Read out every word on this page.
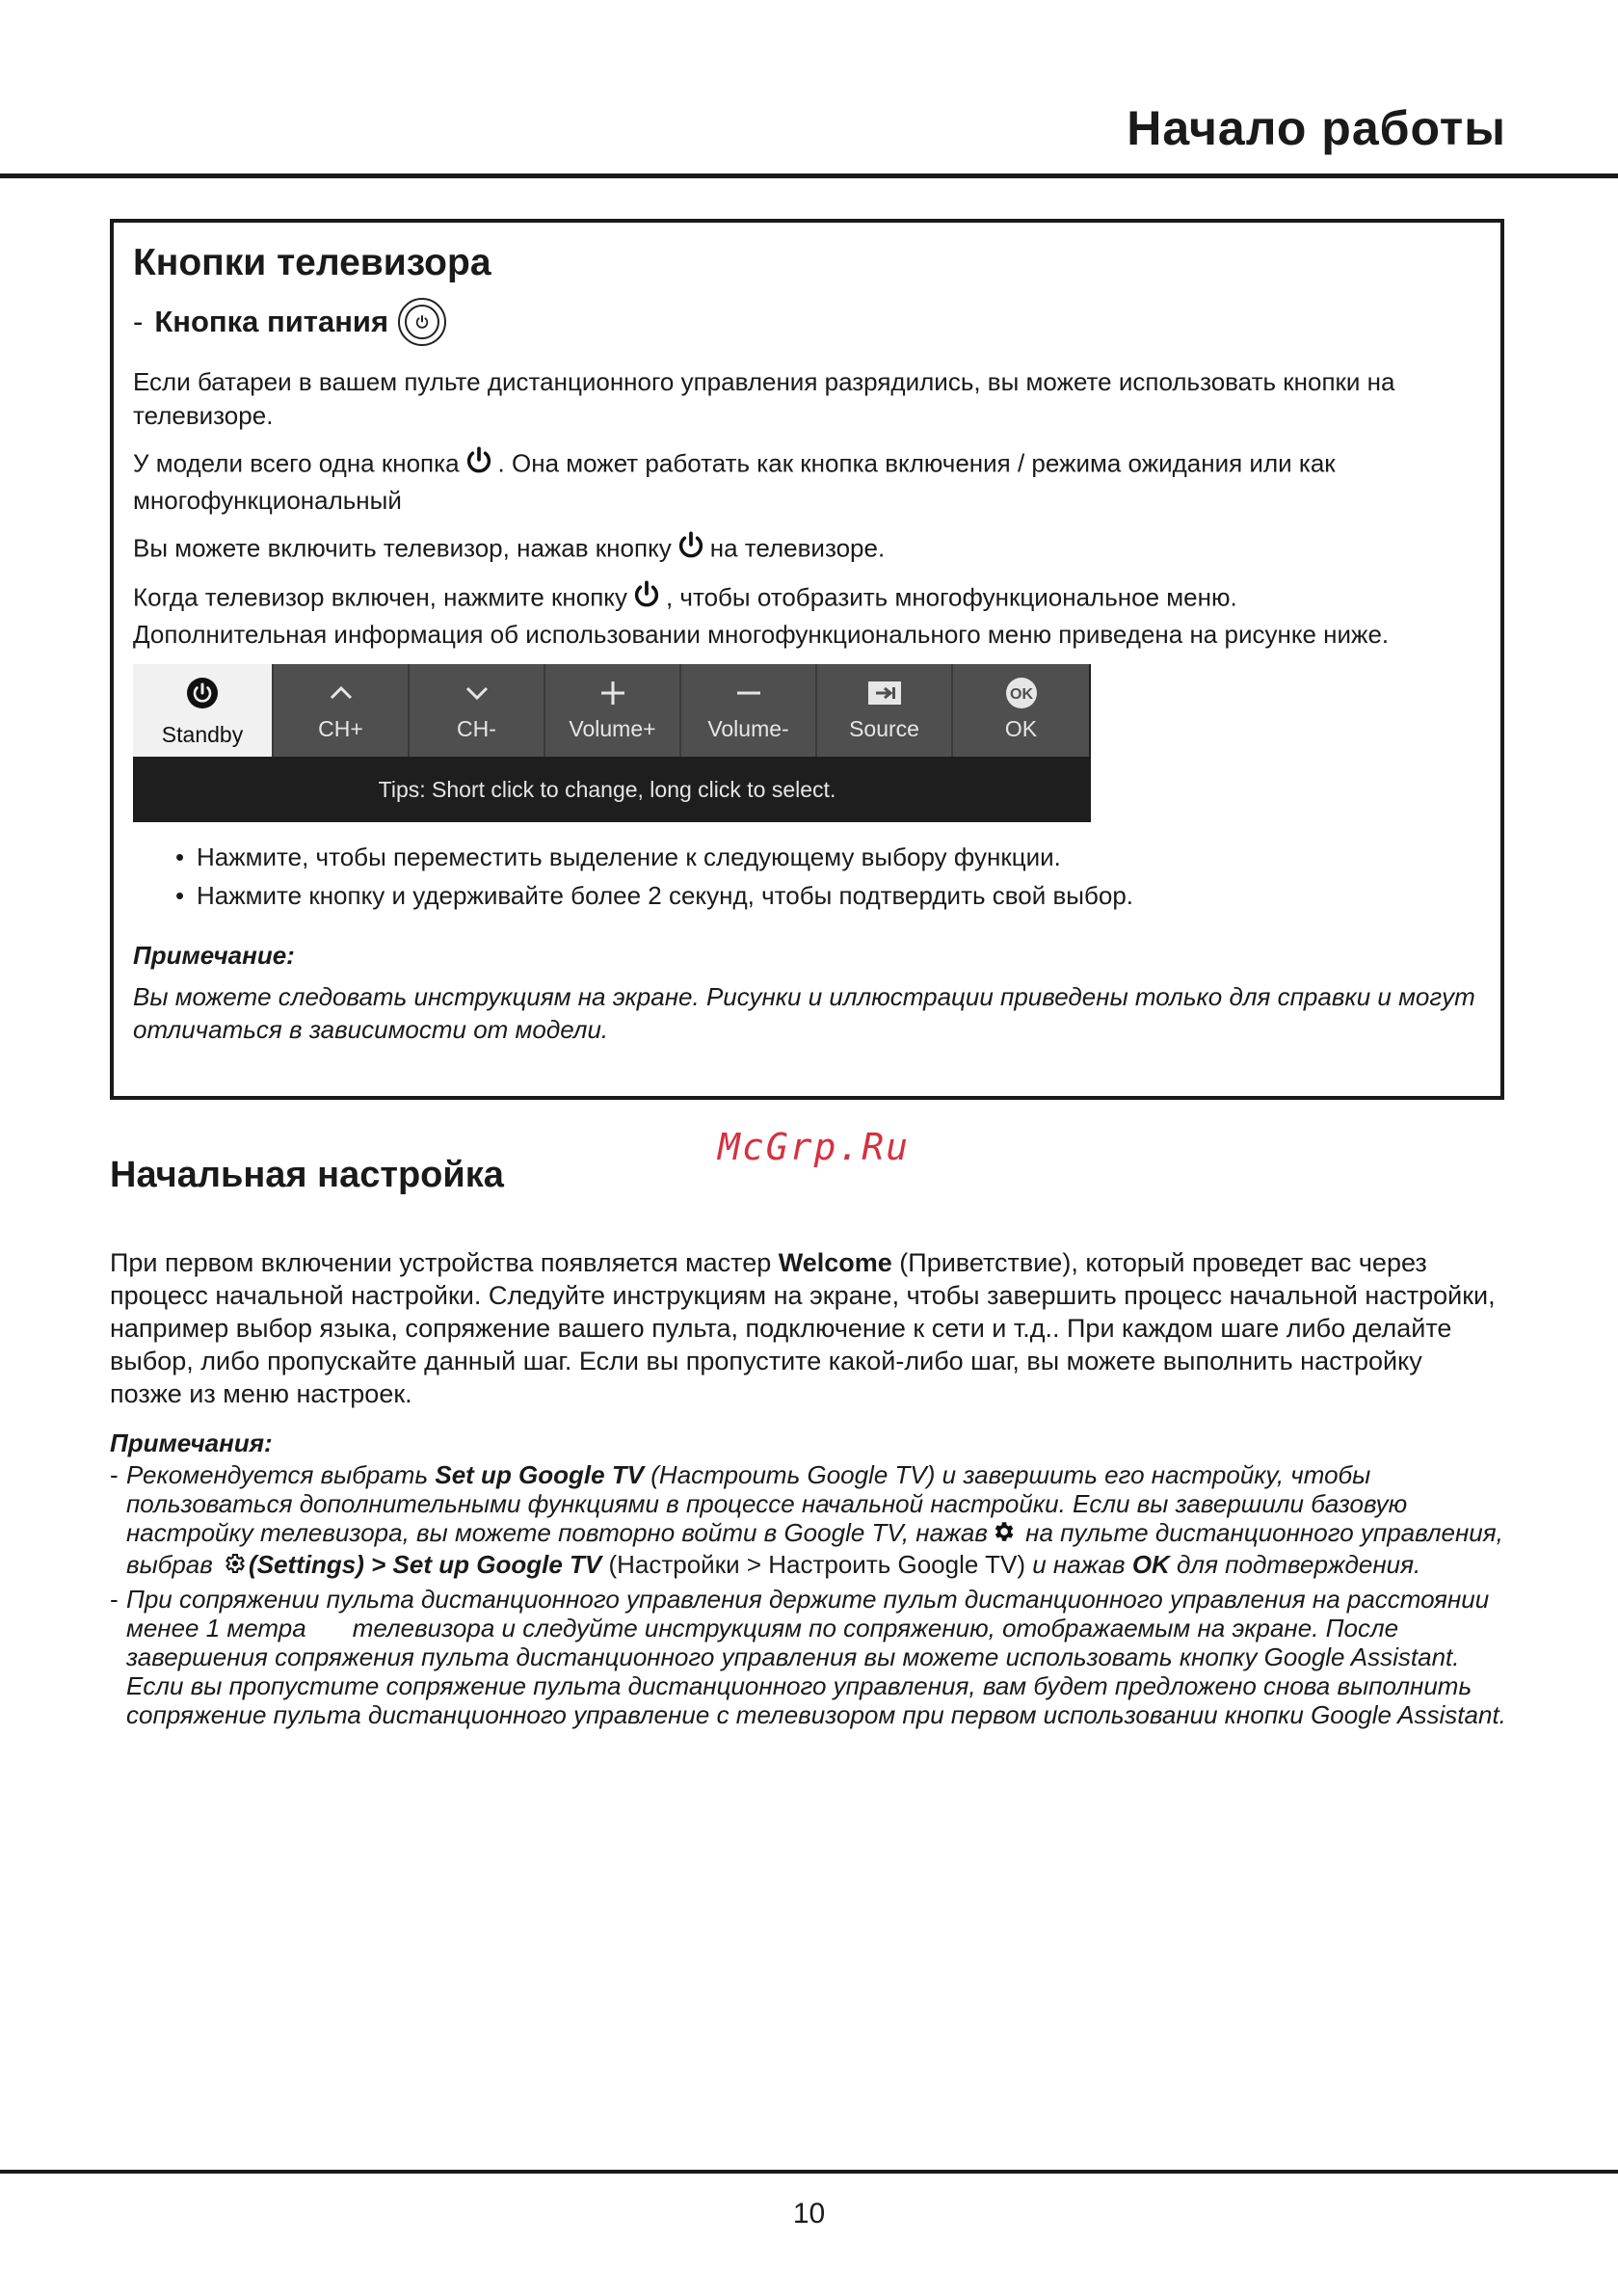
Начало работы
Кнопки телевизора
- Кнопка питания

Если батареи в вашем пульте дистанционного управления разрядились, вы можете использовать кнопки на телевизоре.

У модели всего одна кнопка . Она может работать как кнопка включения / режима ожидания или как многофункциональный

Вы можете включить телевизор, нажав кнопку на телевизоре.

Когда телевизор включен, нажмите кнопку , чтобы отобразить многофункциональное меню.

Дополнительная информация об использовании многофункционального меню приведена на рисунке ниже.

Standby	CH+	CH-	Volume+ Volume-	Source
OK
OK
Tips: Short click to change, long click to select.
• Нажмите, чтобы переместить выделение к следующему выбору функции.
• Нажмите кнопку и удерживайте более 2 секунд, чтобы подтвердить свой выбор.
Примечание:
Вы можете следовать инструкциям на экране. Рисунки и иллюстрации приведены только для справки и могут отличаться в зависимости от модели.
McGrp.Ru
Начальная настройка
При первом включении устройства появляется мастер Welcome (Приветствие), который проведет вас через процесс начальной настройки. Следуйте инструкциям на экране, чтобы завершить процесс начальной настройки, например выбор языка, сопряжение вашего пульта, подключение к сети и т.д.. При каждом шаге либо делайте выбор, либо пропускайте данный шаг. Если вы пропустите какой-либо шаг, вы можете выполнить настройку позже из меню настроек.
Примечания:
- Рекомендуется выбрать Set up Google TV (Настроить Google TV) и завершить его настройку, чтобы пользоваться дополнительными функциями в процессе начальной настройки. Если вы завершили базовую настройку телевизора, вы можете повторно войти в Google TV, нажав на пульте дистанционного управления, выбрав (Settings) > Set up Google TV (Настройки > Настроить Google TV) и нажав OK для подтверждения.
- При сопряжении пульта дистанционного управления держите пульт дистанционного управления на расстоянии менее 1 метра телевизора и следуйте инструкциям по сопряжению, отображаемым на экране. После завершения сопряжения пульта дистанционного управления вы можете использовать кнопку Google Assistant. Если вы пропустите сопряжение пульта дистанционного управления, вам будет предложено снова выполнить сопряжение пульта дистанционного управление с телевизором при первом использовании кнопки Google Assistant.
10
